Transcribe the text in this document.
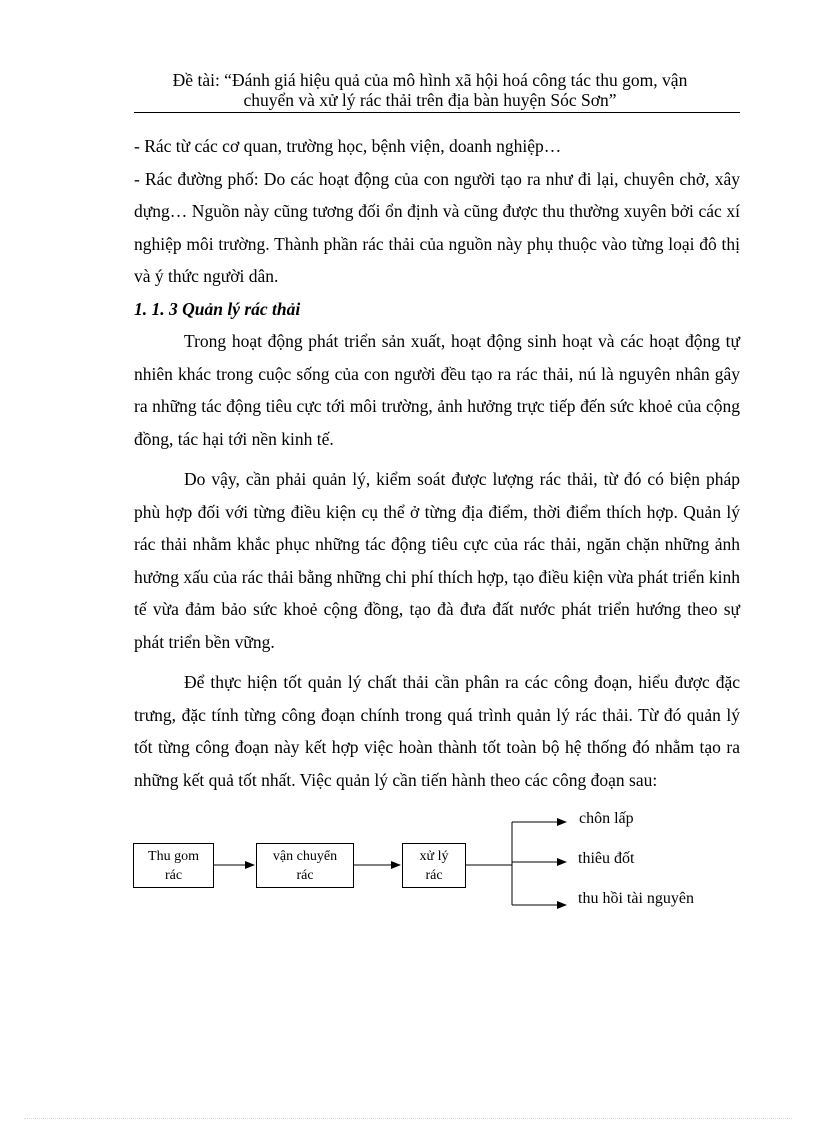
Đề tài: “Đánh giá hiệu quả của mô hình xã hội hoá công tác thu gom, vận
chuyển và xử lý rác thải trên địa bàn huyện Sóc Sơn”

- Rác từ các cơ quan, trường học, bệnh viện, doanh nghiệp…

- Rác đường phố: Do các hoạt động của con người tạo ra như đi lại, chuyên chở, xây dựng… Nguồn này cũng tương đối ổn định và cũng được thu thường xuyên bởi các xí nghiệp môi trường. Thành phần rác thải của nguồn này phụ thuộc vào từng loại đô thị và ý thức người dân.

1. 1. 3 Quản lý rác thải

Trong hoạt động phát triển sản xuất, hoạt động sinh hoạt và các hoạt động tự nhiên khác trong cuộc sống của con người đều tạo ra rác thải, nú là nguyên nhân gây ra những tác động tiêu cực tới môi trường, ảnh hưởng trực tiếp đến sức khoẻ của cộng đồng, tác hại tới nền kinh tế.

Do vậy, cần phải quản lý, kiểm soát được lượng rác thải, từ đó có biện pháp phù hợp đối với từng điều kiện cụ thể ở từng địa điểm, thời điểm thích hợp. Quản lý rác thải nhằm khắc phục những tác động tiêu cực của rác thải, ngăn chặn những ảnh hưởng xấu của rác thải bằng những chi phí thích hợp, tạo điều kiện vừa phát triển kinh tế vừa đảm bảo sức khoẻ cộng đồng, tạo đà đưa đất nước phát triển hướng theo sự phát triển bền vững.

Để thực hiện tốt quản lý chất thải cần phân ra các công đoạn, hiểu được đặc trưng, đặc tính từng công đoạn chính trong quá trình quản lý rác thải. Từ đó quản lý tốt từng công đoạn này kết hợp việc hoàn thành tốt toàn bộ hệ thống đó nhằm tạo ra những kết quả tốt nhất. Việc quản lý cần tiến hành theo các công đoạn sau:

Thu gom
rác
vận chuyển
rác
xử lý
rác
chôn lấp
thiêu đốt
thu hồi tài nguyên
